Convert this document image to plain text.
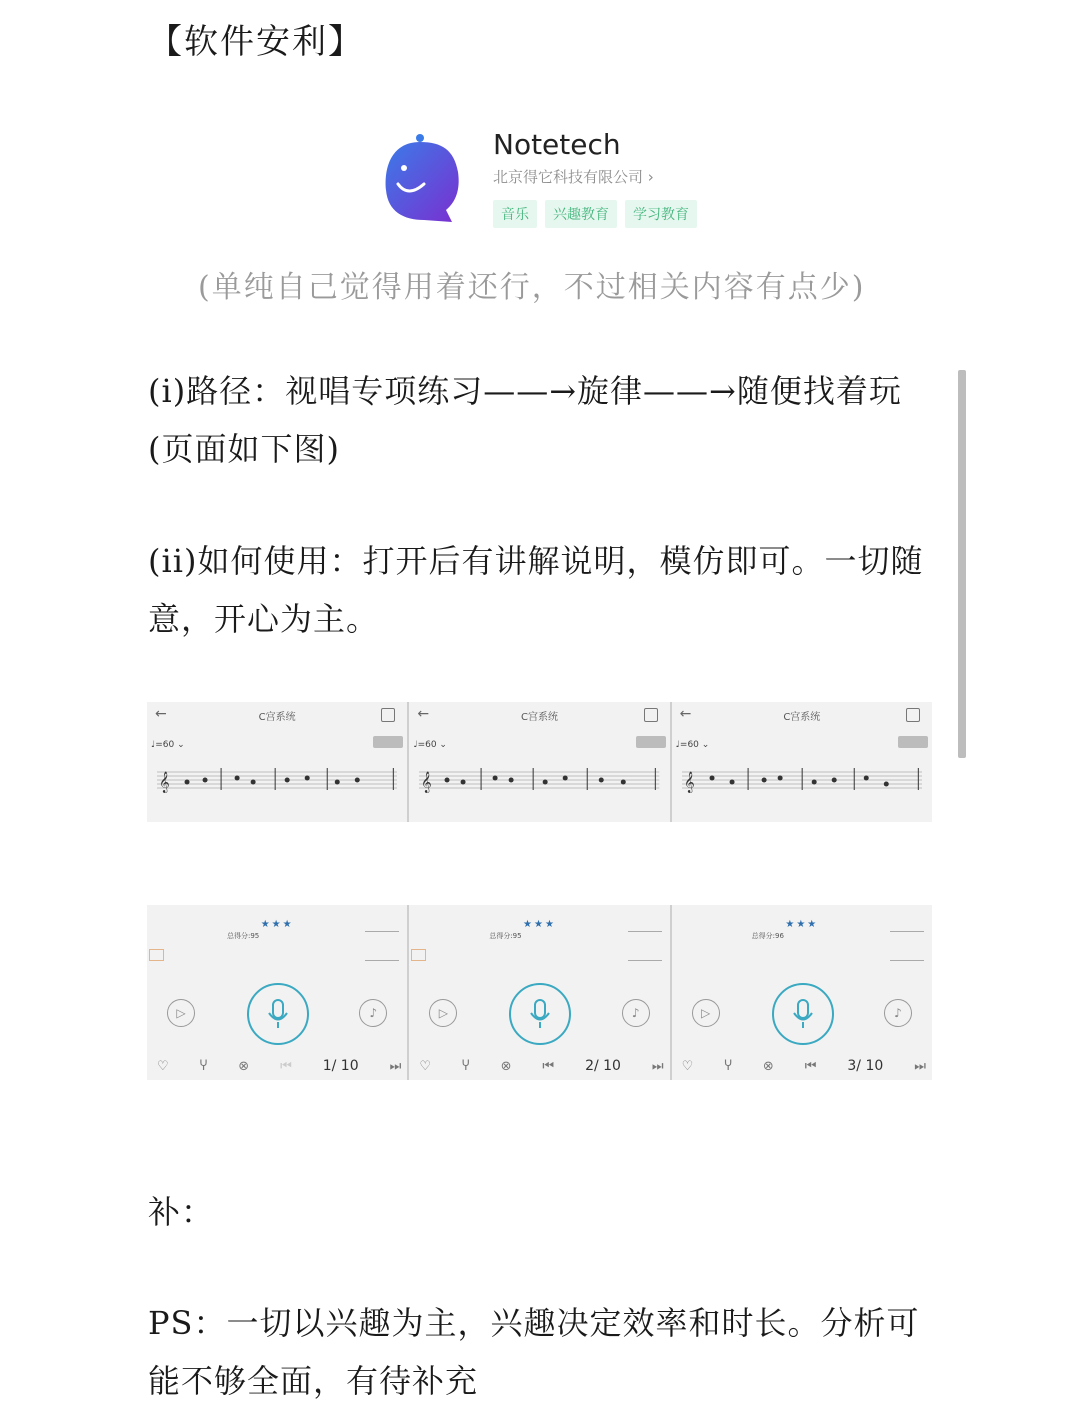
【软件安利】
Notetech
北京得它科技有限公司 ›
音乐	兴趣教育	学习教育
(单纯自己觉得用着还行，不过相关内容有点少)
(i)路径：视唱专项练习——→旋律——→随便找着玩(页面如下图)
(ii)如何使用：打开后有讲解说明，模仿即可。一切随意，开心为主。
←	C宫系统
♩=60 ⌄
𝄞
←	C宫系统
♩=60 ⌄
𝄞
←	C宫系统
♩=60 ⌄
𝄞
★★★
总得分:95

▷	♪
♡ Ⴤ ⊗ ⏮ 1/ 10 ⏭
★★★
总得分:95

▷	♪
♡ Ⴤ ⊗ ⏮ 2/ 10 ⏭
★★★
总得分:96
▷	♪
♡ Ⴤ ⊗ ⏮ 3/ 10 ⏭
补：
PS：一切以兴趣为主，兴趣决定效率和时长。分析可能不够全面，有待补充
